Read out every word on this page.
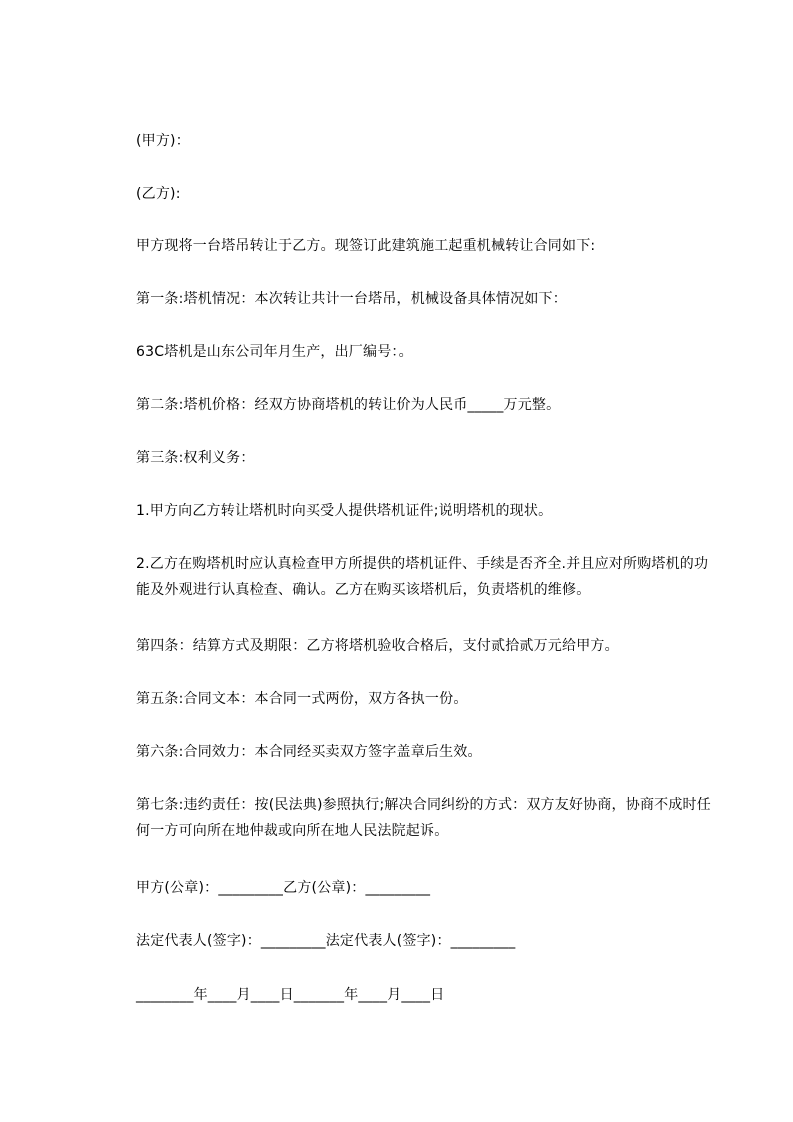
(甲方)：
(乙方):
甲方现将一台塔吊转让于乙方。现签订此建筑施工起重机械转让合同如下:
第一条:塔机情况：本次转让共计一台塔吊，机械设备具体情况如下：
63C塔机是山东公司年月生产，出厂编号：。
第二条:塔机价格：经双方协商塔机的转让价为人民币_____万元整。
第三条:权利义务：
1.甲方向乙方转让塔机时向买受人提供塔机证件;说明塔机的现状。
2.乙方在购塔机时应认真检查甲方所提供的塔机证件、手续是否齐全.并且应对所购塔机的功能及外观进行认真检查、确认。乙方在购买该塔机后，负责塔机的维修。
第四条：结算方式及期限：乙方将塔机验收合格后，支付贰拾贰万元给甲方。
第五条:合同文本：本合同一式两份，双方各执一份。
第六条:合同效力：本合同经买卖双方签字盖章后生效。
第七条:违约责任：按(民法典)参照执行;解决合同纠纷的方式：双方友好协商，协商不成时任何一方可向所在地仲裁或向所在地人民法院起诉。
甲方(公章)：_________乙方(公章)：_________
法定代表人(签字)：_________法定代表人(签字)：_________
________年____月____日_______年____月____日
